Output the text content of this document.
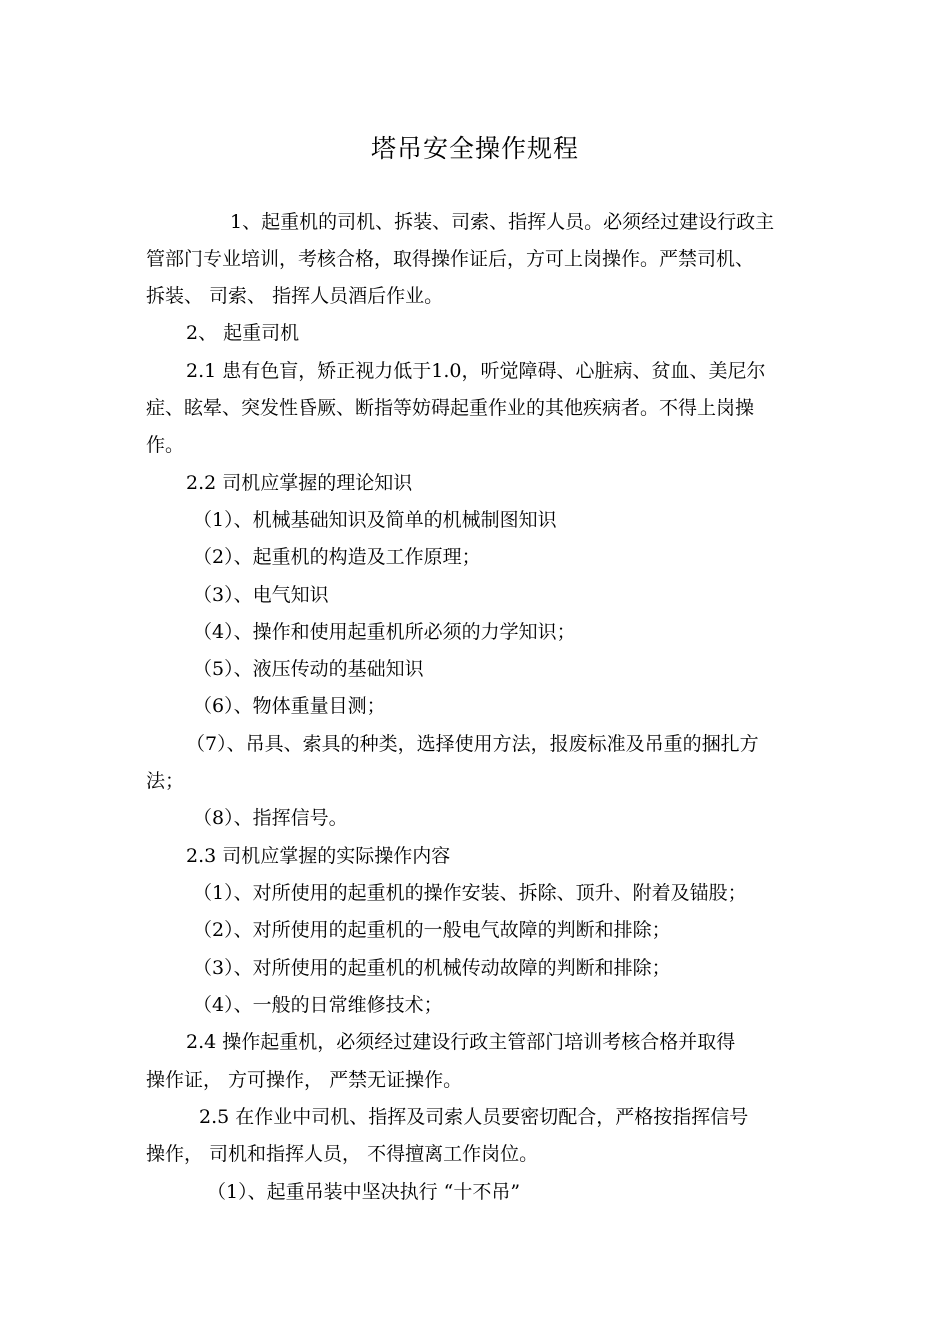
塔吊安全操作规程
1、起重机的司机、拆装、司索、指挥人员。必须经过建设行政主
管部门专业培训，考核合格，取得操作证后，方可上岗操作。严禁司机、
拆装、 司索、 指挥人员酒后作业。
2、 起重司机
2.1 患有色盲，矫正视力低于1.0，听觉障碍、心脏病、贫血、美尼尔
症、眩晕、突发性昏厥、断指等妨碍起重作业的其他疾病者。不得上岗操
作。
2.2 司机应掌握的理论知识
（1）、机械基础知识及简单的机械制图知识
（2）、起重机的构造及工作原理；
（3）、电气知识
（4）、操作和使用起重机所必须的力学知识；
（5）、液压传动的基础知识
（6）、物体重量目测；
（7）、吊具、索具的种类，选择使用方法，报废标准及吊重的捆扎方
法；
（8）、指挥信号。
2.3 司机应掌握的实际操作内容
（1）、对所使用的起重机的操作安装、拆除、顶升、附着及锚股；
（2）、对所使用的起重机的一般电气故障的判断和排除；
（3）、对所使用的起重机的机械传动故障的判断和排除；
（4）、一般的日常维修技术；
2.4 操作起重机，必须经过建设行政主管部门培训考核合格并取得
操作证， 方可操作， 严禁无证操作。
2.5 在作业中司机、指挥及司索人员要密切配合，严格按指挥信号
操作， 司机和指挥人员， 不得擅离工作岗位。
（1）、起重吊装中坚决执行 “十不吊”
